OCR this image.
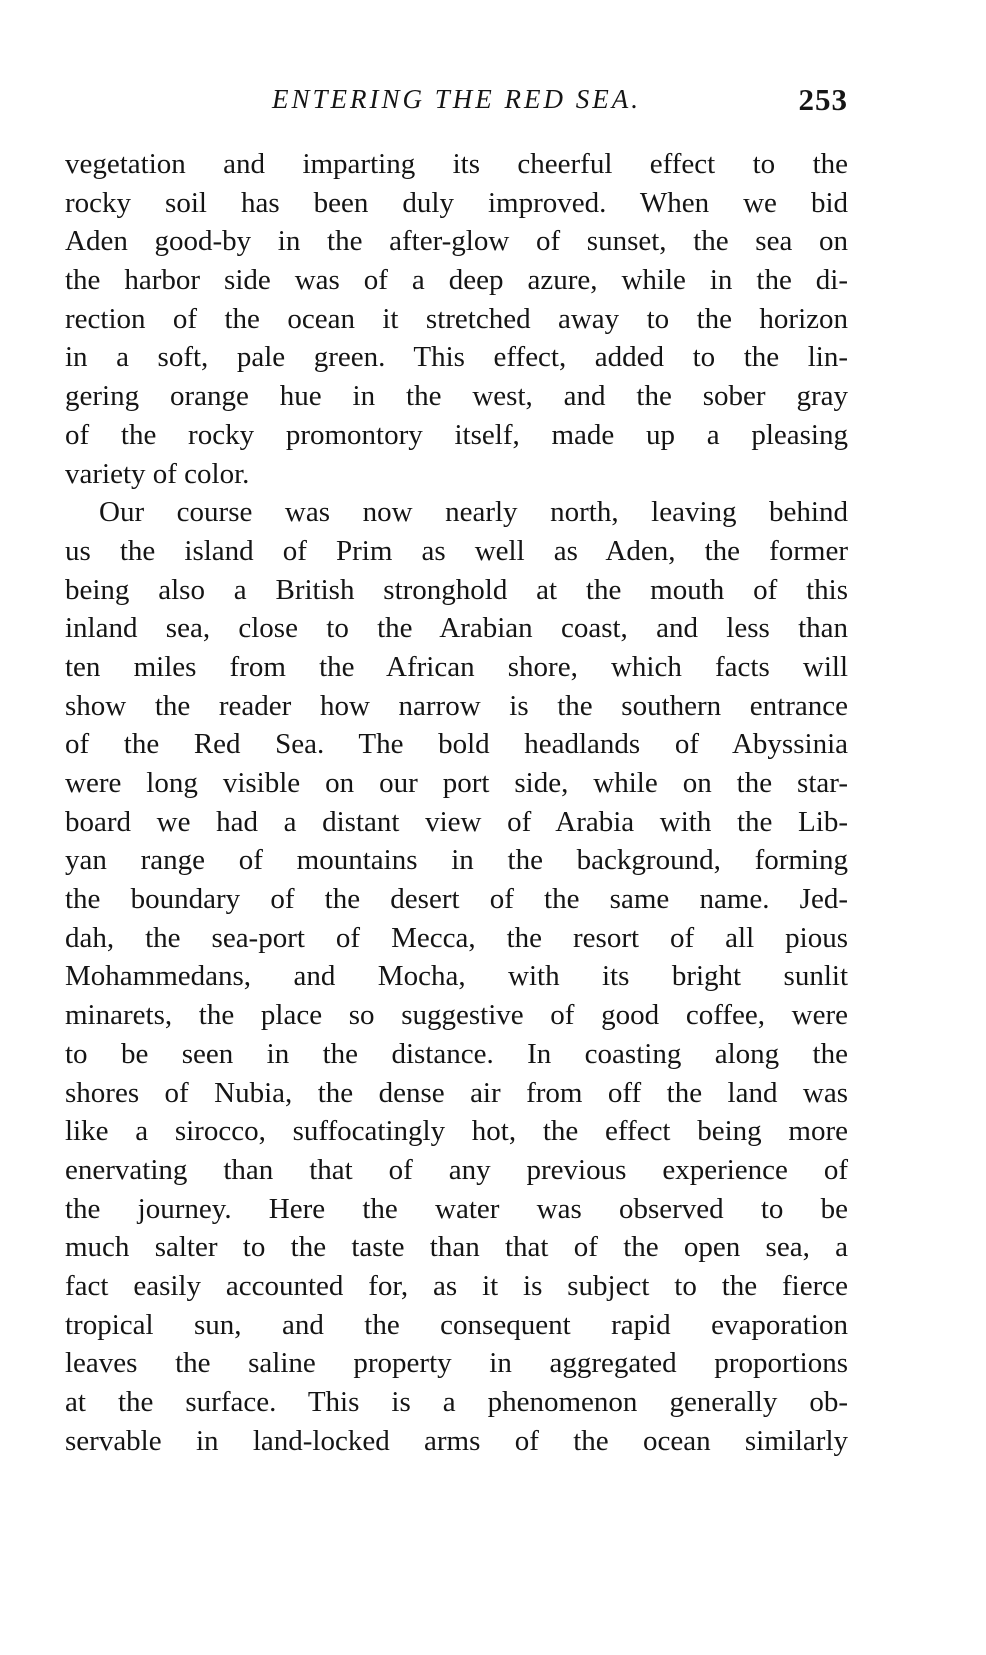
ENTERING THE RED SEA.	253
vegetation and imparting its cheerful effect to the
rocky soil has been duly improved. When we bid
Aden good-by in the after-glow of sunset, the sea on
the harbor side was of a deep azure, while in the di-
rection of the ocean it stretched away to the horizon
in a soft, pale green. This effect, added to the lin-
gering orange hue in the west, and the sober gray
of the rocky promontory itself, made up a pleasing
variety of color.
Our course was now nearly north, leaving behind
us the island of Prim as well as Aden, the former
being also a British stronghold at the mouth of this
inland sea, close to the Arabian coast, and less than
ten miles from the African shore, which facts will
show the reader how narrow is the southern entrance
of the Red Sea. The bold headlands of Abyssinia
were long visible on our port side, while on the star-
board we had a distant view of Arabia with the Lib-
yan range of mountains in the background, forming
the boundary of the desert of the same name. Jed-
dah, the sea-port of Mecca, the resort of all pious
Mohammedans, and Mocha, with its bright sunlit
minarets, the place so suggestive of good coffee, were
to be seen in the distance. In coasting along the
shores of Nubia, the dense air from off the land was
like a sirocco, suffocatingly hot, the effect being more
enervating than that of any previous experience of
the journey. Here the water was observed to be
much salter to the taste than that of the open sea, a
fact easily accounted for, as it is subject to the fierce
tropical sun, and the consequent rapid evaporation
leaves the saline property in aggregated proportions
at the surface. This is a phenomenon generally ob-
servable in land-locked arms of the ocean similarly
